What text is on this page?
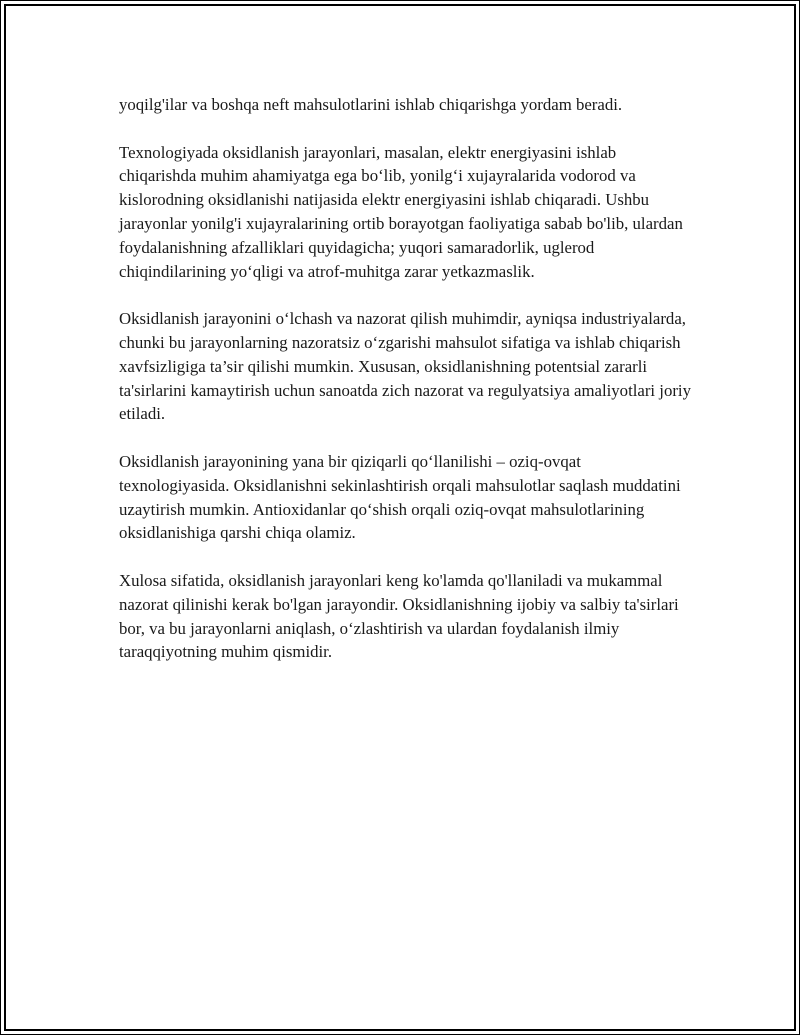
yoqilg'ilar va boshqa neft mahsulotlarini ishlab chiqarishga yordam beradi.

Texnologiyada oksidlanish jarayonlari, masalan, elektr energiyasini ishlab chiqarishda muhim ahamiyatga ega bo‘lib, yonilg‘i xujayralarida vodorod va kislorodning oksidlanishi natijasida elektr energiyasini ishlab chiqaradi. Ushbu jarayonlar yonilg'i xujayralarining ortib borayotgan faoliyatiga sabab bo'lib, ulardan foydalanishning afzalliklari quyidagicha; yuqori samaradorlik, uglerod chiqindilarining yo‘qligi va atrof-muhitga zarar yetkazmaslik.

Oksidlanish jarayonini o‘lchash va nazorat qilish muhimdir, ayniqsa industriyalarda, chunki bu jarayonlarning nazoratsiz o‘zgarishi mahsulot sifatiga va ishlab chiqarish xavfsizligiga ta’sir qilishi mumkin. Xususan, oksidlanishning potentsial zararli ta'sirlarini kamaytirish uchun sanoatda zich nazorat va regulyatsiya amaliyotlari joriy etiladi.

Oksidlanish jarayonining yana bir qiziqarli qo‘llanilishi – oziq-ovqat texnologiyasida. Oksidlanishni sekinlashtirish orqali mahsulotlar saqlash muddatini uzaytirish mumkin. Antioxidanlar qo‘shish orqali oziq-ovqat mahsulotlarining oksidlanishiga qarshi chiqa olamiz.

Xulosa sifatida, oksidlanish jarayonlari keng ko'lamda qo'llaniladi va mukammal nazorat qilinishi kerak bo'lgan jarayondir. Oksidlanishning ijobiy va salbiy ta'sirlari bor, va bu jarayonlarni aniqlash, o‘zlashtirish va ulardan foydalanish ilmiy taraqqiyotning muhim qismidir.
